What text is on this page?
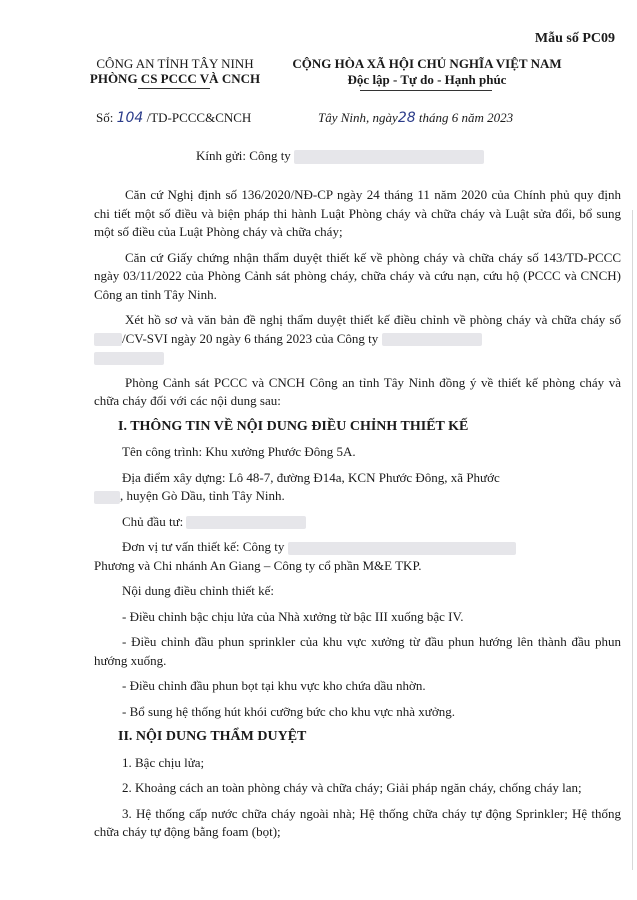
Mẫu số PC09
CÔNG AN TỈNH TÂY NINH
PHÒNG CS PCCC VÀ CNCH
CỘNG HÒA XÃ HỘI CHỦ NGHĨA VIỆT NAM
Độc lập - Tự do - Hạnh phúc
Số: 104 /TD-PCCC&CNCH	Tây Ninh, ngày28 tháng 6 năm 2023
Kính gửi: Công ty

Căn cứ Nghị định số 136/2020/NĐ-CP ngày 24 tháng 11 năm 2020 của Chính phủ quy định chi tiết một số điều và biện pháp thi hành Luật Phòng cháy và chữa cháy và Luật sửa đổi, bổ sung một số điều của Luật Phòng cháy và chữa cháy;

Căn cứ Giấy chứng nhận thẩm duyệt thiết kế về phòng cháy và chữa cháy số 143/TD-PCCC ngày 03/11/2022 của Phòng Cảnh sát phòng cháy, chữa cháy và cứu nạn, cứu hộ (PCCC và CNCH) Công an tỉnh Tây Ninh.

Xét hồ sơ và văn bản đề nghị thẩm duyệt thiết kế điều chỉnh về phòng cháy và chữa cháy số /CV-SVI ngày 20 ngày 6 tháng 2023 của Công ty

Phòng Cảnh sát PCCC và CNCH Công an tỉnh Tây Ninh đồng ý về thiết kế phòng cháy và chữa cháy đối với các nội dung sau:

I. THÔNG TIN VỀ NỘI DUNG ĐIỀU CHỈNH THIẾT KẾ

Tên công trình: Khu xưởng Phước Đông 5A.

Địa điểm xây dựng: Lô 48-7, đường Đ14a, KCN Phước Đông, xã Phước
, huyện Gò Dầu, tỉnh Tây Ninh.

Chủ đầu tư:

Đơn vị tư vấn thiết kế: Công ty
Phương và Chi nhánh An Giang – Công ty cổ phần M&E TKP.

Nội dung điều chỉnh thiết kế:

- Điều chỉnh bậc chịu lửa của Nhà xưởng từ bậc III xuống bậc IV.

- Điều chỉnh đầu phun sprinkler của khu vực xưởng từ đầu phun hướng lên thành đầu phun hướng xuống.

- Điều chỉnh đầu phun bọt tại khu vực kho chứa dầu nhờn.

- Bổ sung hệ thống hút khói cưỡng bức cho khu vực nhà xưởng.

II. NỘI DUNG THẨM DUYỆT

1. Bậc chịu lửa;

2. Khoảng cách an toàn phòng cháy và chữa cháy; Giải pháp ngăn cháy, chống cháy lan;

3. Hệ thống cấp nước chữa cháy ngoài nhà; Hệ thống chữa cháy tự động Sprinkler; Hệ thống chữa cháy tự động bằng foam (bọt);
